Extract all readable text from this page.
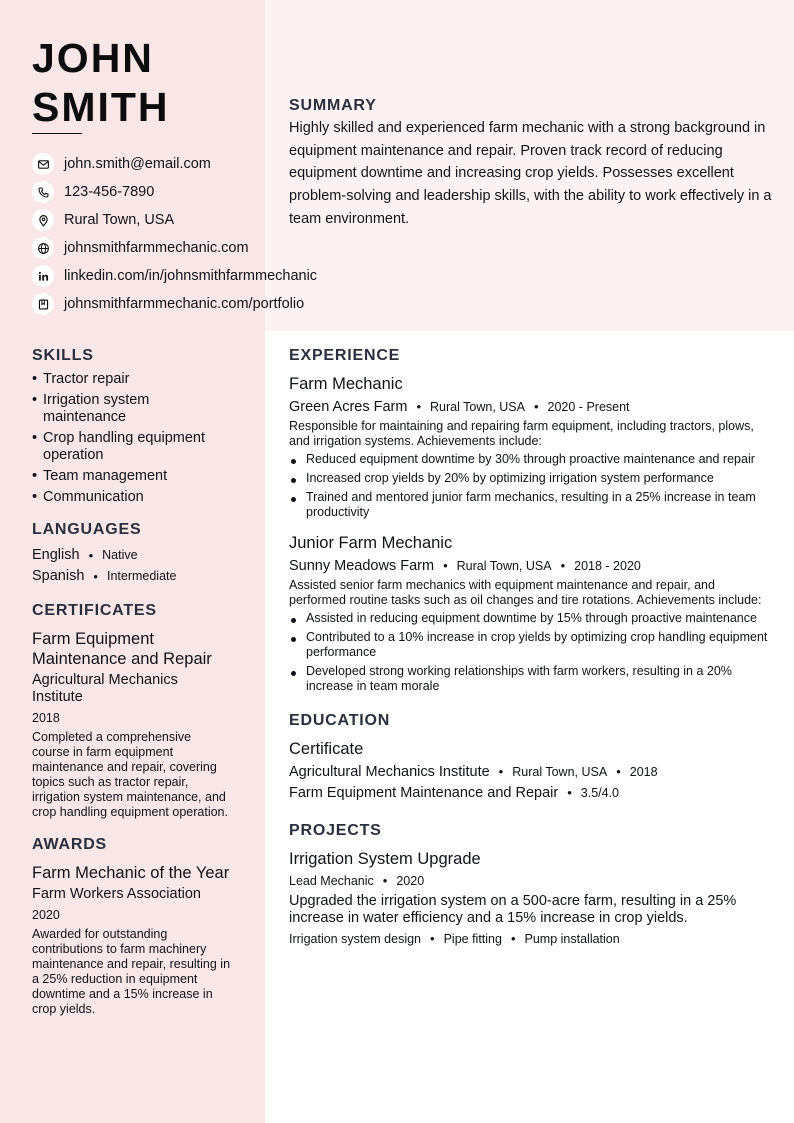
JOHN
SMITH
john.smith@email.com
123-456-7890
Rural Town, USA
johnsmithfarmmechanic.com
linkedin.com/in/johnsmithfarmmechanic
johnsmithfarmmechanic.com/portfolio
SUMMARY

Highly skilled and experienced farm mechanic with a strong background in equipment maintenance and repair. Proven track record of reducing equipment downtime and increasing crop yields. Possesses excellent problem-solving and leadership skills, with the ability to work effectively in a team environment.

SKILLS
• Tractor repair
• Irrigation system maintenance
• Crop handling equipment operation
• Team management
• Communication
LANGUAGES
English • Native
Spanish • Intermediate
CERTIFICATES
Farm Equipment Maintenance and Repair
Agricultural Mechanics Institute
2018
Completed a comprehensive course in farm equipment maintenance and repair, covering topics such as tractor repair, irrigation system maintenance, and crop handling equipment operation.
AWARDS
Farm Mechanic of the Year
Farm Workers Association
2020
Awarded for outstanding contributions to farm machinery maintenance and repair, resulting in a 25% reduction in equipment downtime and a 15% increase in crop yields.
EXPERIENCE
Farm Mechanic
Green Acres Farm • Rural Town, USA • 2020 - Present
Responsible for maintaining and repairing farm equipment, including tractors, plows, and irrigation systems. Achievements include:
Reduced equipment downtime by 30% through proactive maintenance and repair
Increased crop yields by 20% by optimizing irrigation system performance
Trained and mentored junior farm mechanics, resulting in a 25% increase in team productivity
Junior Farm Mechanic
Sunny Meadows Farm • Rural Town, USA • 2018 - 2020
Assisted senior farm mechanics with equipment maintenance and repair, and performed routine tasks such as oil changes and tire rotations. Achievements include:
Assisted in reducing equipment downtime by 15% through proactive maintenance
Contributed to a 10% increase in crop yields by optimizing crop handling equipment performance
Developed strong working relationships with farm workers, resulting in a 20% increase in team morale
EDUCATION
Certificate
Agricultural Mechanics Institute • Rural Town, USA • 2018
Farm Equipment Maintenance and Repair • 3.5/4.0
PROJECTS
Irrigation System Upgrade
Lead Mechanic • 2020
Upgraded the irrigation system on a 500-acre farm, resulting in a 25% increase in water efficiency and a 15% increase in crop yields.
Irrigation system design • Pipe fitting • Pump installation
